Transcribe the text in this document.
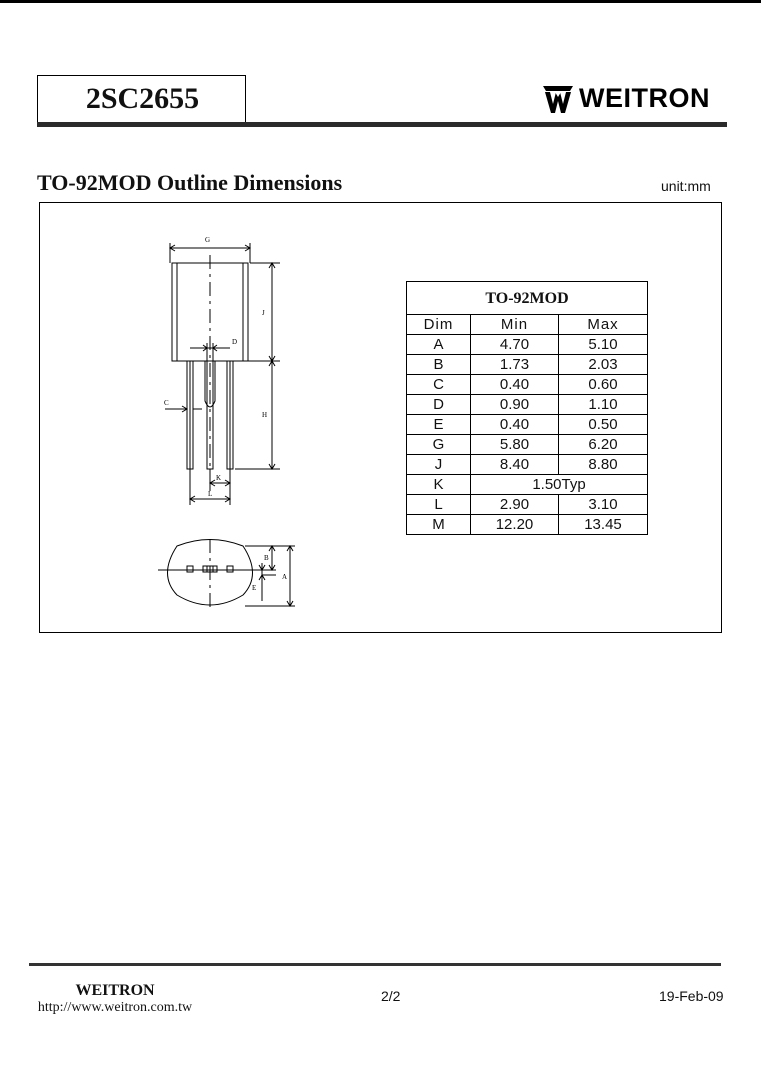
2SC2655	WEITRON
TO-92MOD Outline Dimensions	unit:mm
G
J
D
C
H
K
L
B
A
E
TO-92MOD		
Dim	Min	Max
A	4.70	5.10
B	1.73	2.03
C	0.40	0.60
D	0.90	1.10
E	0.40	0.50
G	5.80	6.20
J	8.40	8.80
K	1.50Typ	
L	2.90	3.10
M	12.20	13.45
WEITRON
http://www.weitron.com.tw
2/2	19-Feb-09
